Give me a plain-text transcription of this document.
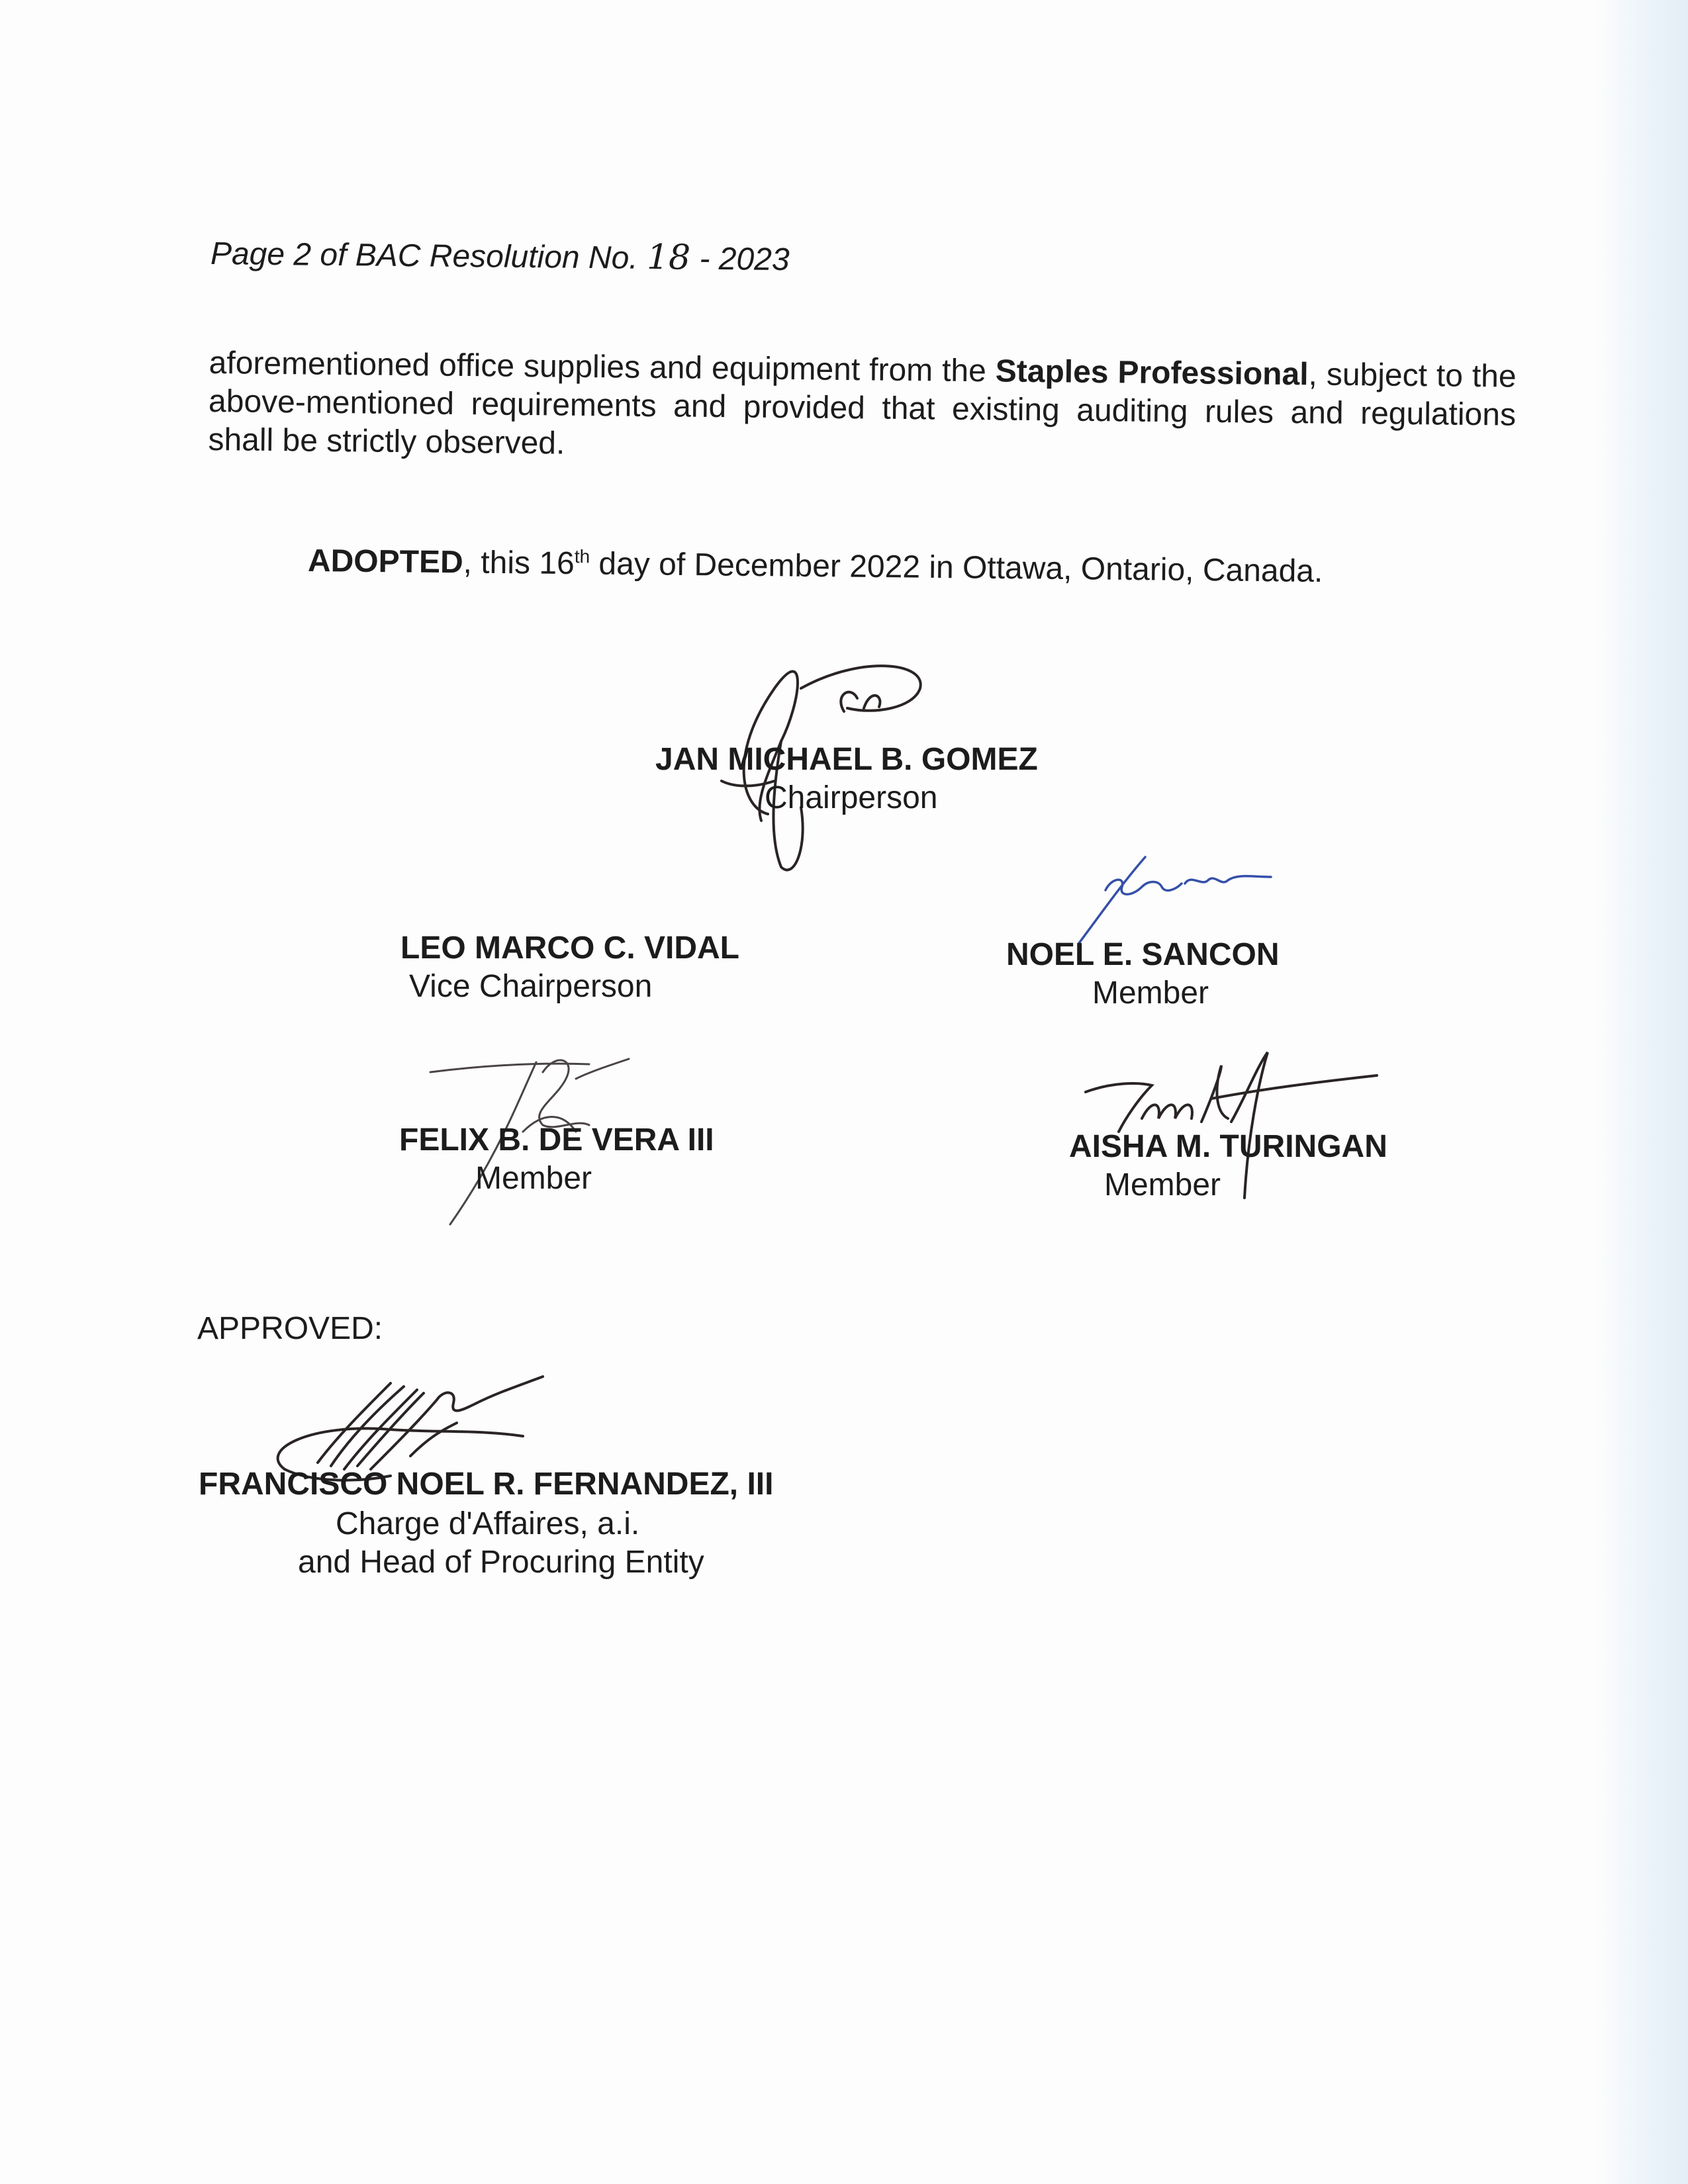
Page 2 of BAC Resolution No. 18 - 2023
aforementioned office supplies and equipment from the Staples Professional, subject to the above-mentioned requirements and provided that existing auditing rules and regulations shall be strictly observed.
ADOPTED, this 16th day of December 2022 in Ottawa, Ontario, Canada.
JAN MICHAEL B. GOMEZ
Chairperson
LEO MARCO C. VIDAL
Vice Chairperson
NOEL E. SANCON
Member
FELIX B. DE VERA III
Member
AISHA M. TURINGAN
Member
APPROVED:
FRANCISCO NOEL R. FERNANDEZ, III
Charge d'Affaires, a.i.
and Head of Procuring Entity
